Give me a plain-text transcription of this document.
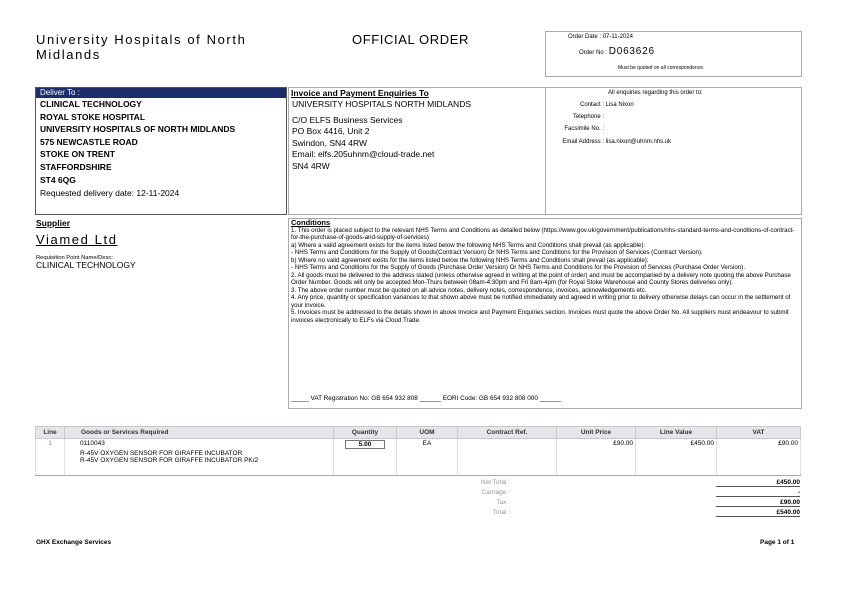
University Hospitals of North
Midlands
OFFICIAL ORDER	Order Date : 07-11-2024
Order No : D063626
Must be quoted on all correspondence.
Deliver To :
CLINICAL TECHNOLOGY
ROYAL STOKE HOSPITAL
UNIVERSITY HOSPITALS OF NORTH MIDLANDS
575 NEWCASTLE ROAD
STOKE ON TRENT
STAFFORDSHIRE
ST4 6QG
Requested delivery date: 12-11-2024
Invoice and Payment Enquiries To
UNIVERSITY HOSPITALS NORTH MIDLANDS
C/O ELFS Business Services
PO Box 4416, Unit 2
Swindon, SN4 4RW
Email: elfs.205uhnm@cloud-trade.net
SN4 4RW
All enquiries regarding this order to:
Contact : Lisa Nixon
Telephone :
Facsimile No. :
Email Address : lisa.nixon@uhnm.nhs.uk
Supplier
Viamed Ltd
Requisition Point Name/Desc:
CLINICAL TECHNOLOGY
Conditions
1. This order is placed subject to the relevant NHS Terms and Conditions as detailed below (https://www.gov.uk/government/publications/nhs-standard-terms-and-conditions-of-contract-for-the-purchase-of-goods-and-supply-of-services)
a) Where a valid agreement exists for the items listed below the following NHS Terms and Conditions shall prevail (as applicable):
- NHS Terms and Conditions for the Supply of Goods(Contract Version) Or NHS Terms and Conditions for the Provision of Services (Contract Version).
b) Where no valid agreement exists for the items listed below the following NHS Terms and Conditions shall prevail (as applicable):
- NHS Terms and Conditions for the Supply of Goods (Purchase Order Version) Or NHS Terms and Conditions for the Provision of Services (Purchase Order Version).
2. All goods must be delivered to the address stated (unless otherwise agreed in writing at the point of order) and must be accompanied by a delivery note quoting the above Purchase Order Number. Goods will only be accepted Mon-Thurs between 08am-4:30pm and Fri 8am-4pm (for Royal Stoke Warehouse and County Stores deliveries only).
3. The above order number must be quoted on all advice notes, delivery notes, correspondence, invoices, acknowledgements etc.
4. Any price, quantity or specification variances to that shown above must be notified immediately and agreed in writing prior to delivery otherwise delays can occur in the settlement of your invoice.
5. Invoices must be addressed to the details shown in above Invoice and Payment Enquiries section. Invoices must quote the above Order No. All suppliers must endeavour to submit invoices electronically to ELFs via Cloud Trade.
_____ VAT Registration No: GB 654 932 808 ______ EORI Code: GB 654 932 808 000 ______
Line	Goods or Services Required	Quantity	UOM	Contract Ref.	Unit Price	Line Value	VAT
1	0110043
R-45V OXYGEN SENSOR FOR GIRAFFE INCUBATOR
R-45V OXYGEN SENSOR FOR GIRAFFE INCUBATOR PK/2	5.00	EA		£90.00	£450.00	£90.00
Net Total :	£450.00
Carriage :	-
Tax :	£90.00
Total :	£540.00
GHX Exchange Services	Page 1 of 1
